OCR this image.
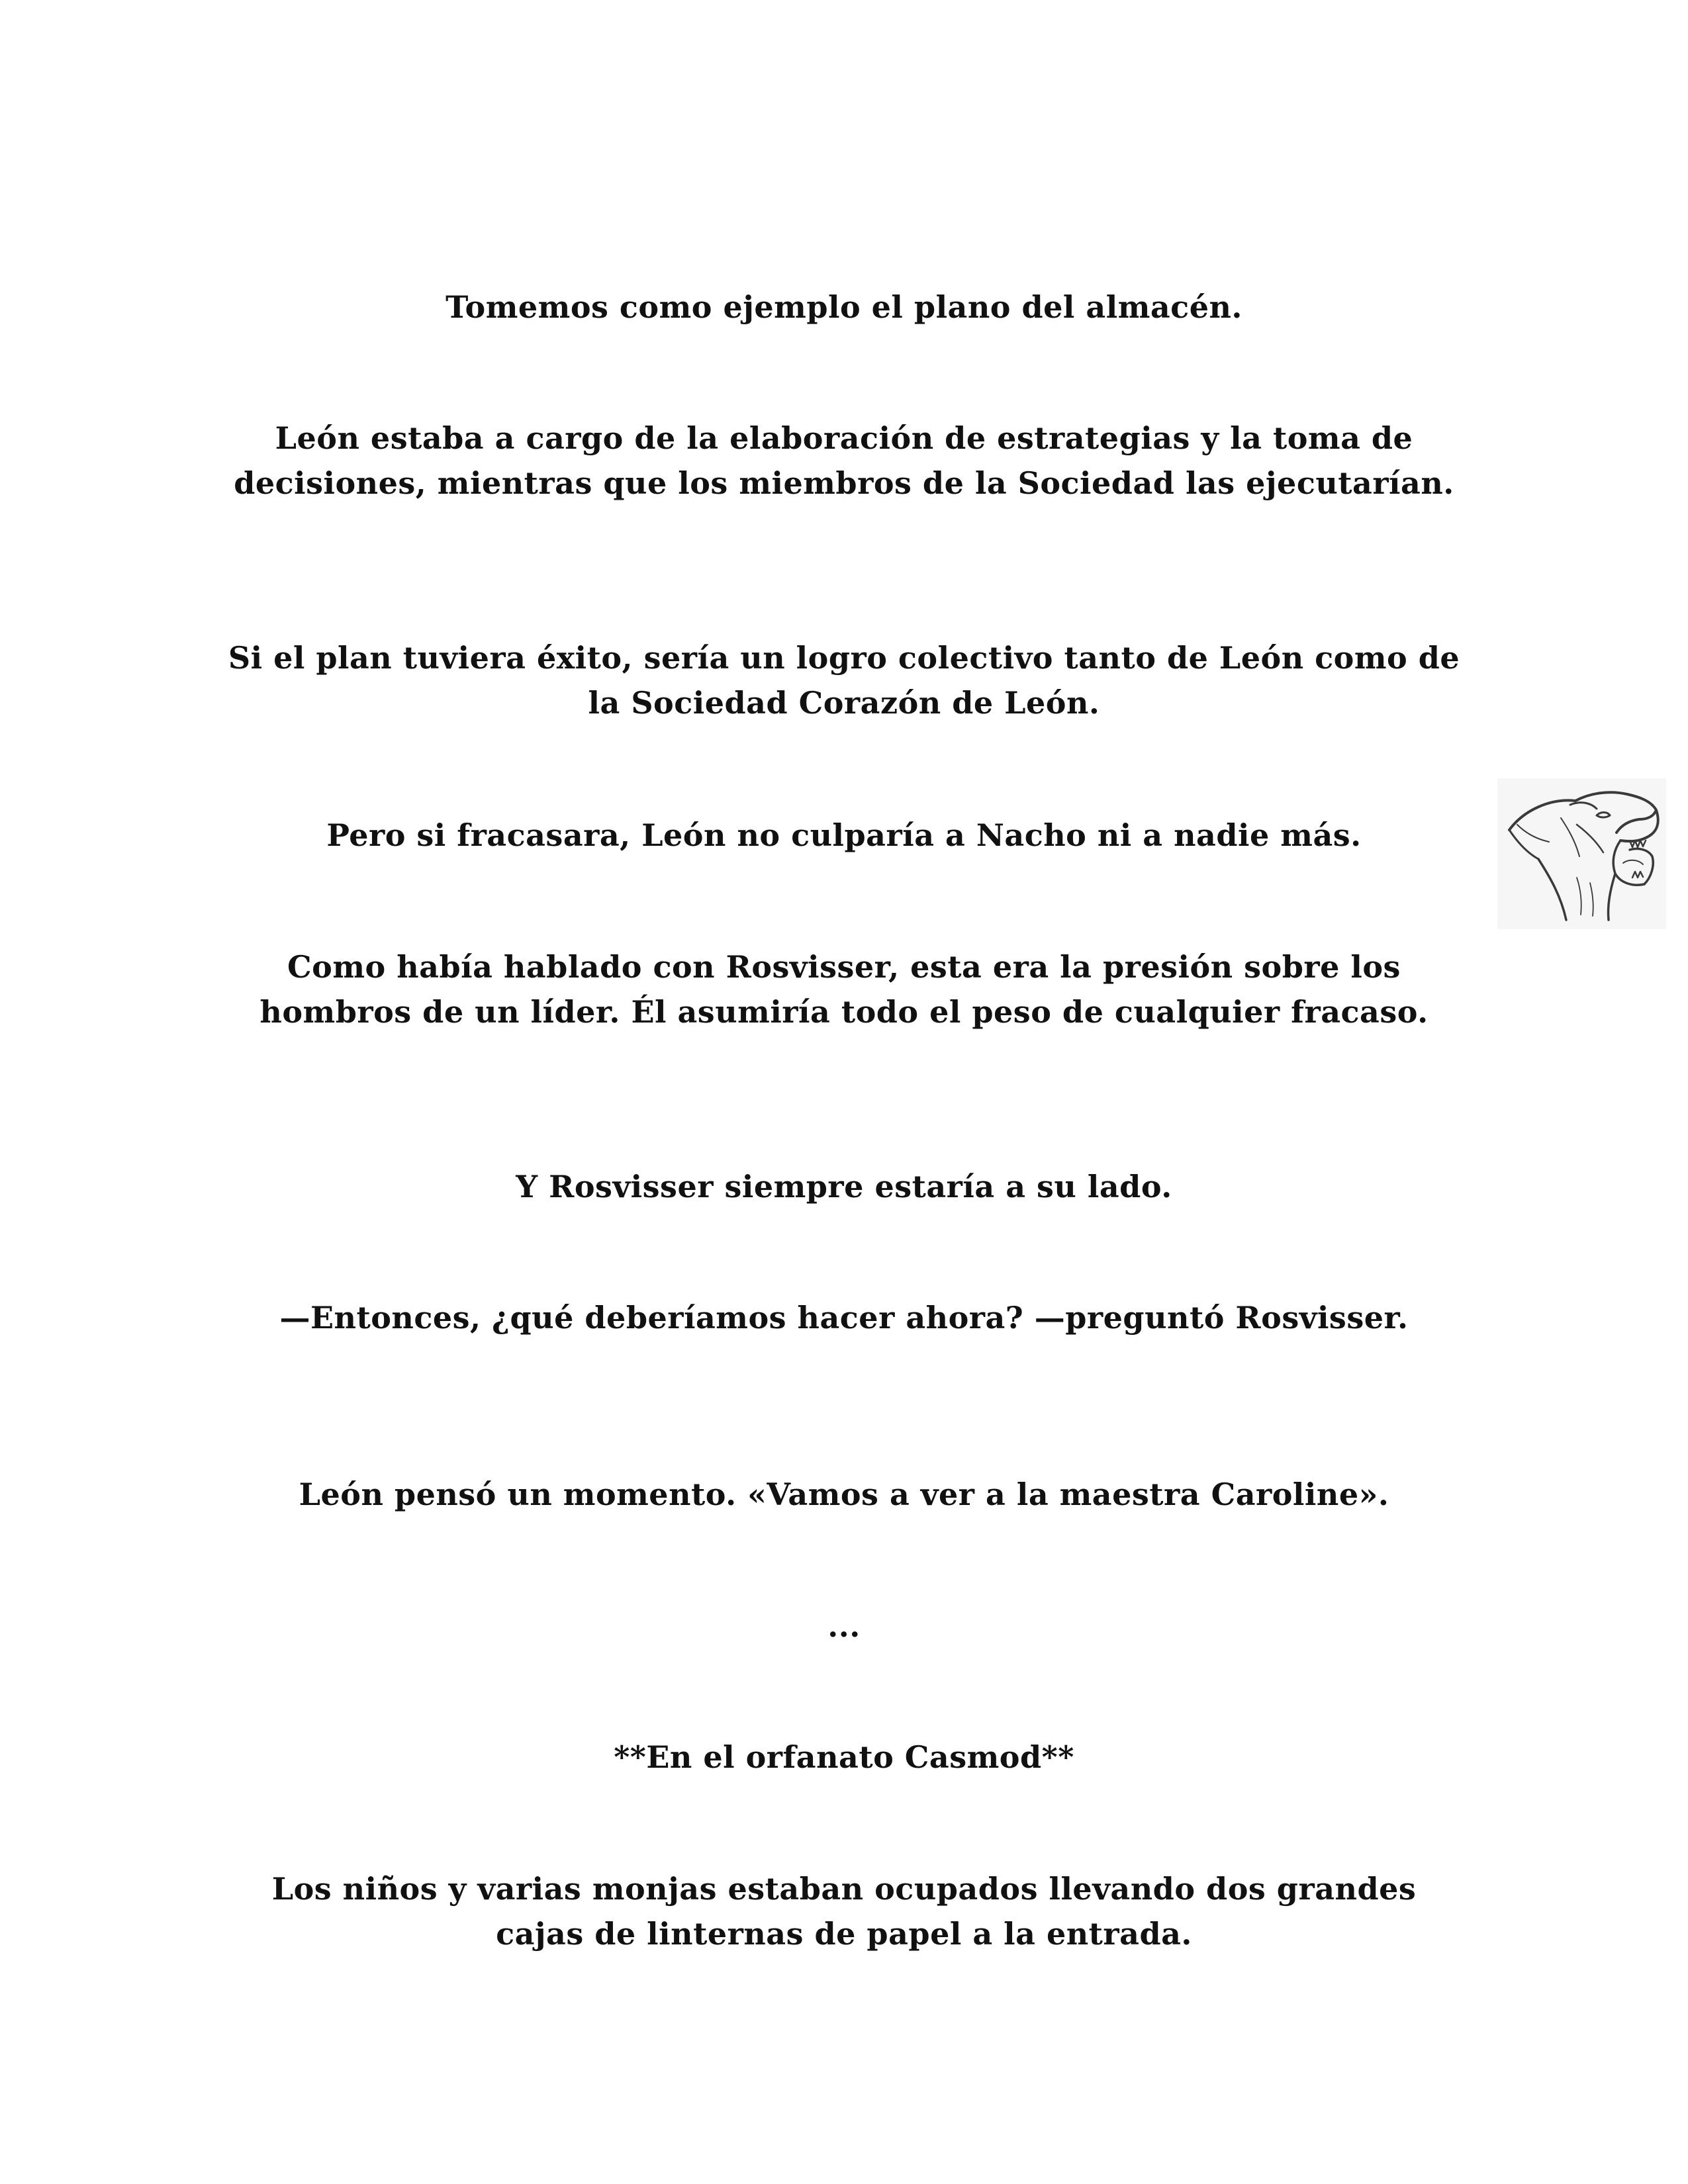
Tomemos como ejemplo el plano del almacén.

León estaba a cargo de la elaboración de estrategias y la toma de decisiones, mientras que los miembros de la Sociedad las ejecutarían.

Si el plan tuviera éxito, sería un logro colectivo tanto de León como de la Sociedad Corazón de León.

Pero si fracasara, León no culparía a Nacho ni a nadie más.

Como había hablado con Rosvisser, esta era la presión sobre los hombros de un líder. Él asumiría todo el peso de cualquier fracaso.

Y Rosvisser siempre estaría a su lado.

—Entonces, ¿qué deberíamos hacer ahora? —preguntó Rosvisser.

León pensó un momento. «Vamos a ver a la maestra Caroline».

...

**En el orfanato Casmod**

Los niños y varias monjas estaban ocupados llevando dos grandes cajas de linternas de papel a la entrada.
